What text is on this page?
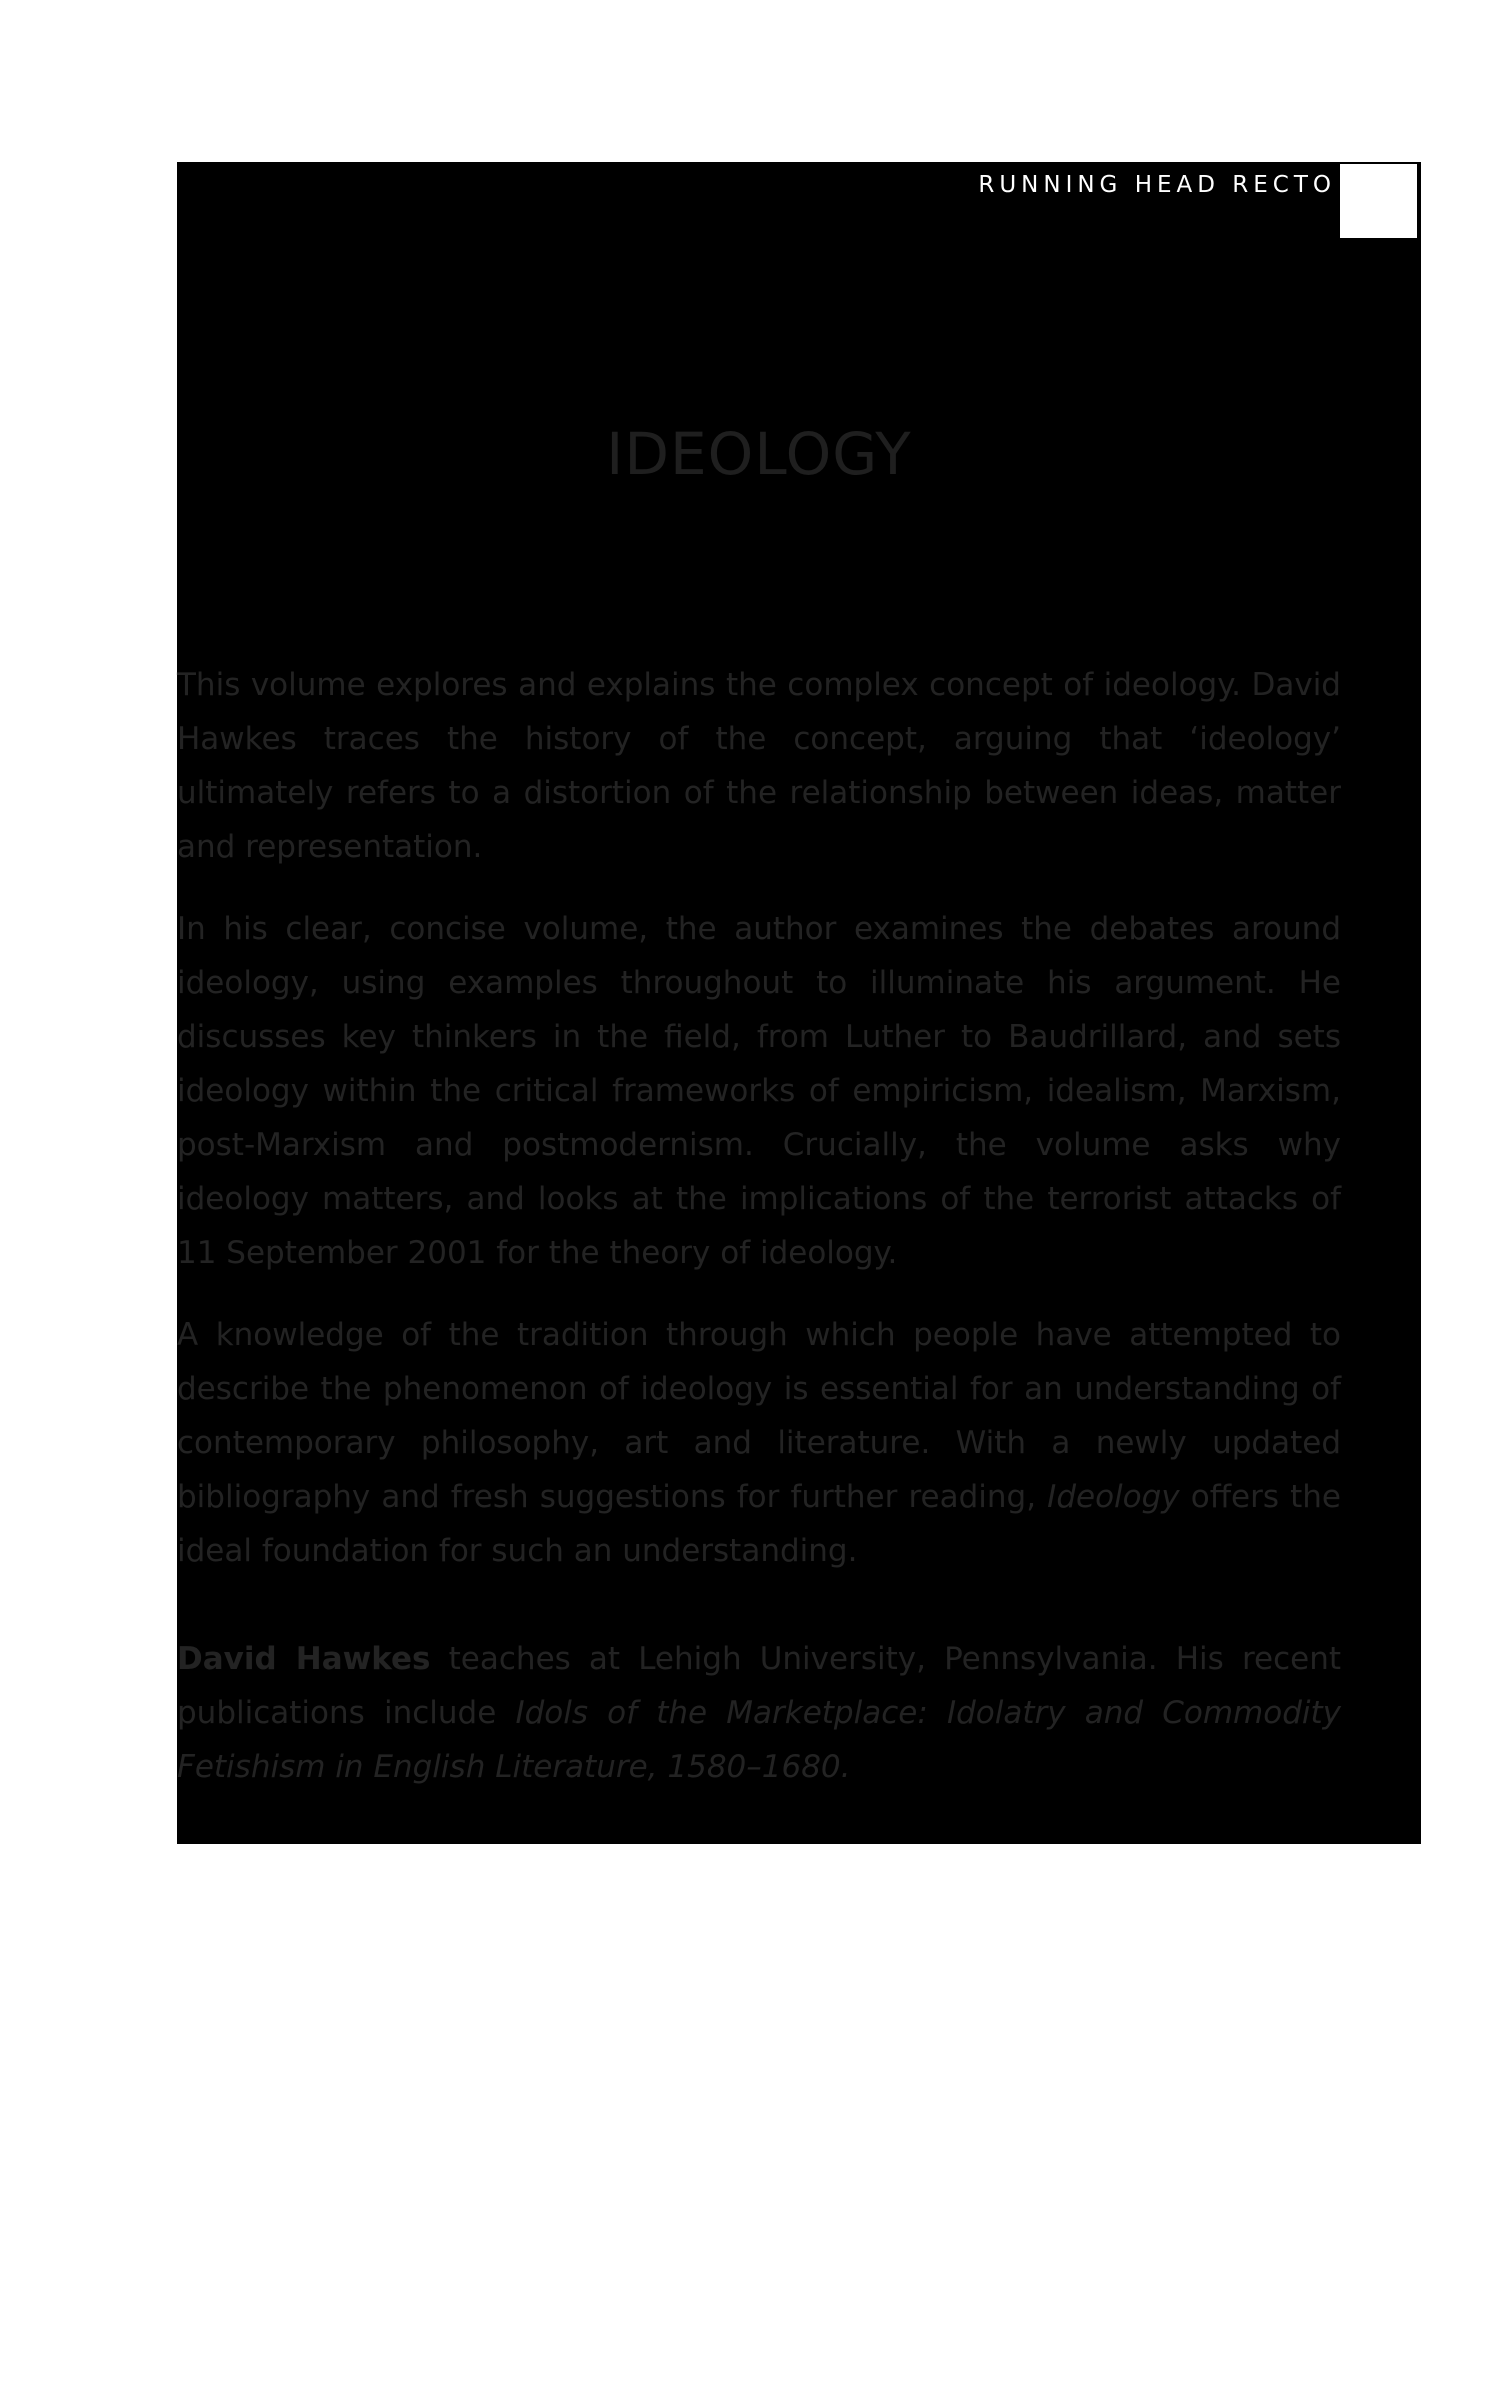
RUNNING HEAD RECTO
IDEOLOGY

This volume explores and explains the complex concept of ideology. David Hawkes traces the history of the concept, arguing that ‘ideology’ ultimately refers to a distortion of the relationship between ideas, matter and representation.

In his clear, concise volume, the author examines the debates around ideology, using examples throughout to illuminate his argument. He discusses key thinkers in the field, from Luther to Baudrillard, and sets ideology within the critical frameworks of empiricism, idealism, Marxism, post-Marxism and postmodernism. Crucially, the volume asks why ideology matters, and looks at the implications of the terrorist attacks of 11 September 2001 for the theory of ideology.

A knowledge of the tradition through which people have attempted to describe the phenomenon of ideology is essential for an understanding of contemporary philosophy, art and literature. With a newly updated bibliography and fresh suggestions for further reading, Ideology offers the ideal foundation for such an understanding.

David Hawkes teaches at Lehigh University, Pennsylvania. His recent publications include Idols of the Marketplace: Idolatry and Commodity Fetishism in English Literature, 1580–1680.
